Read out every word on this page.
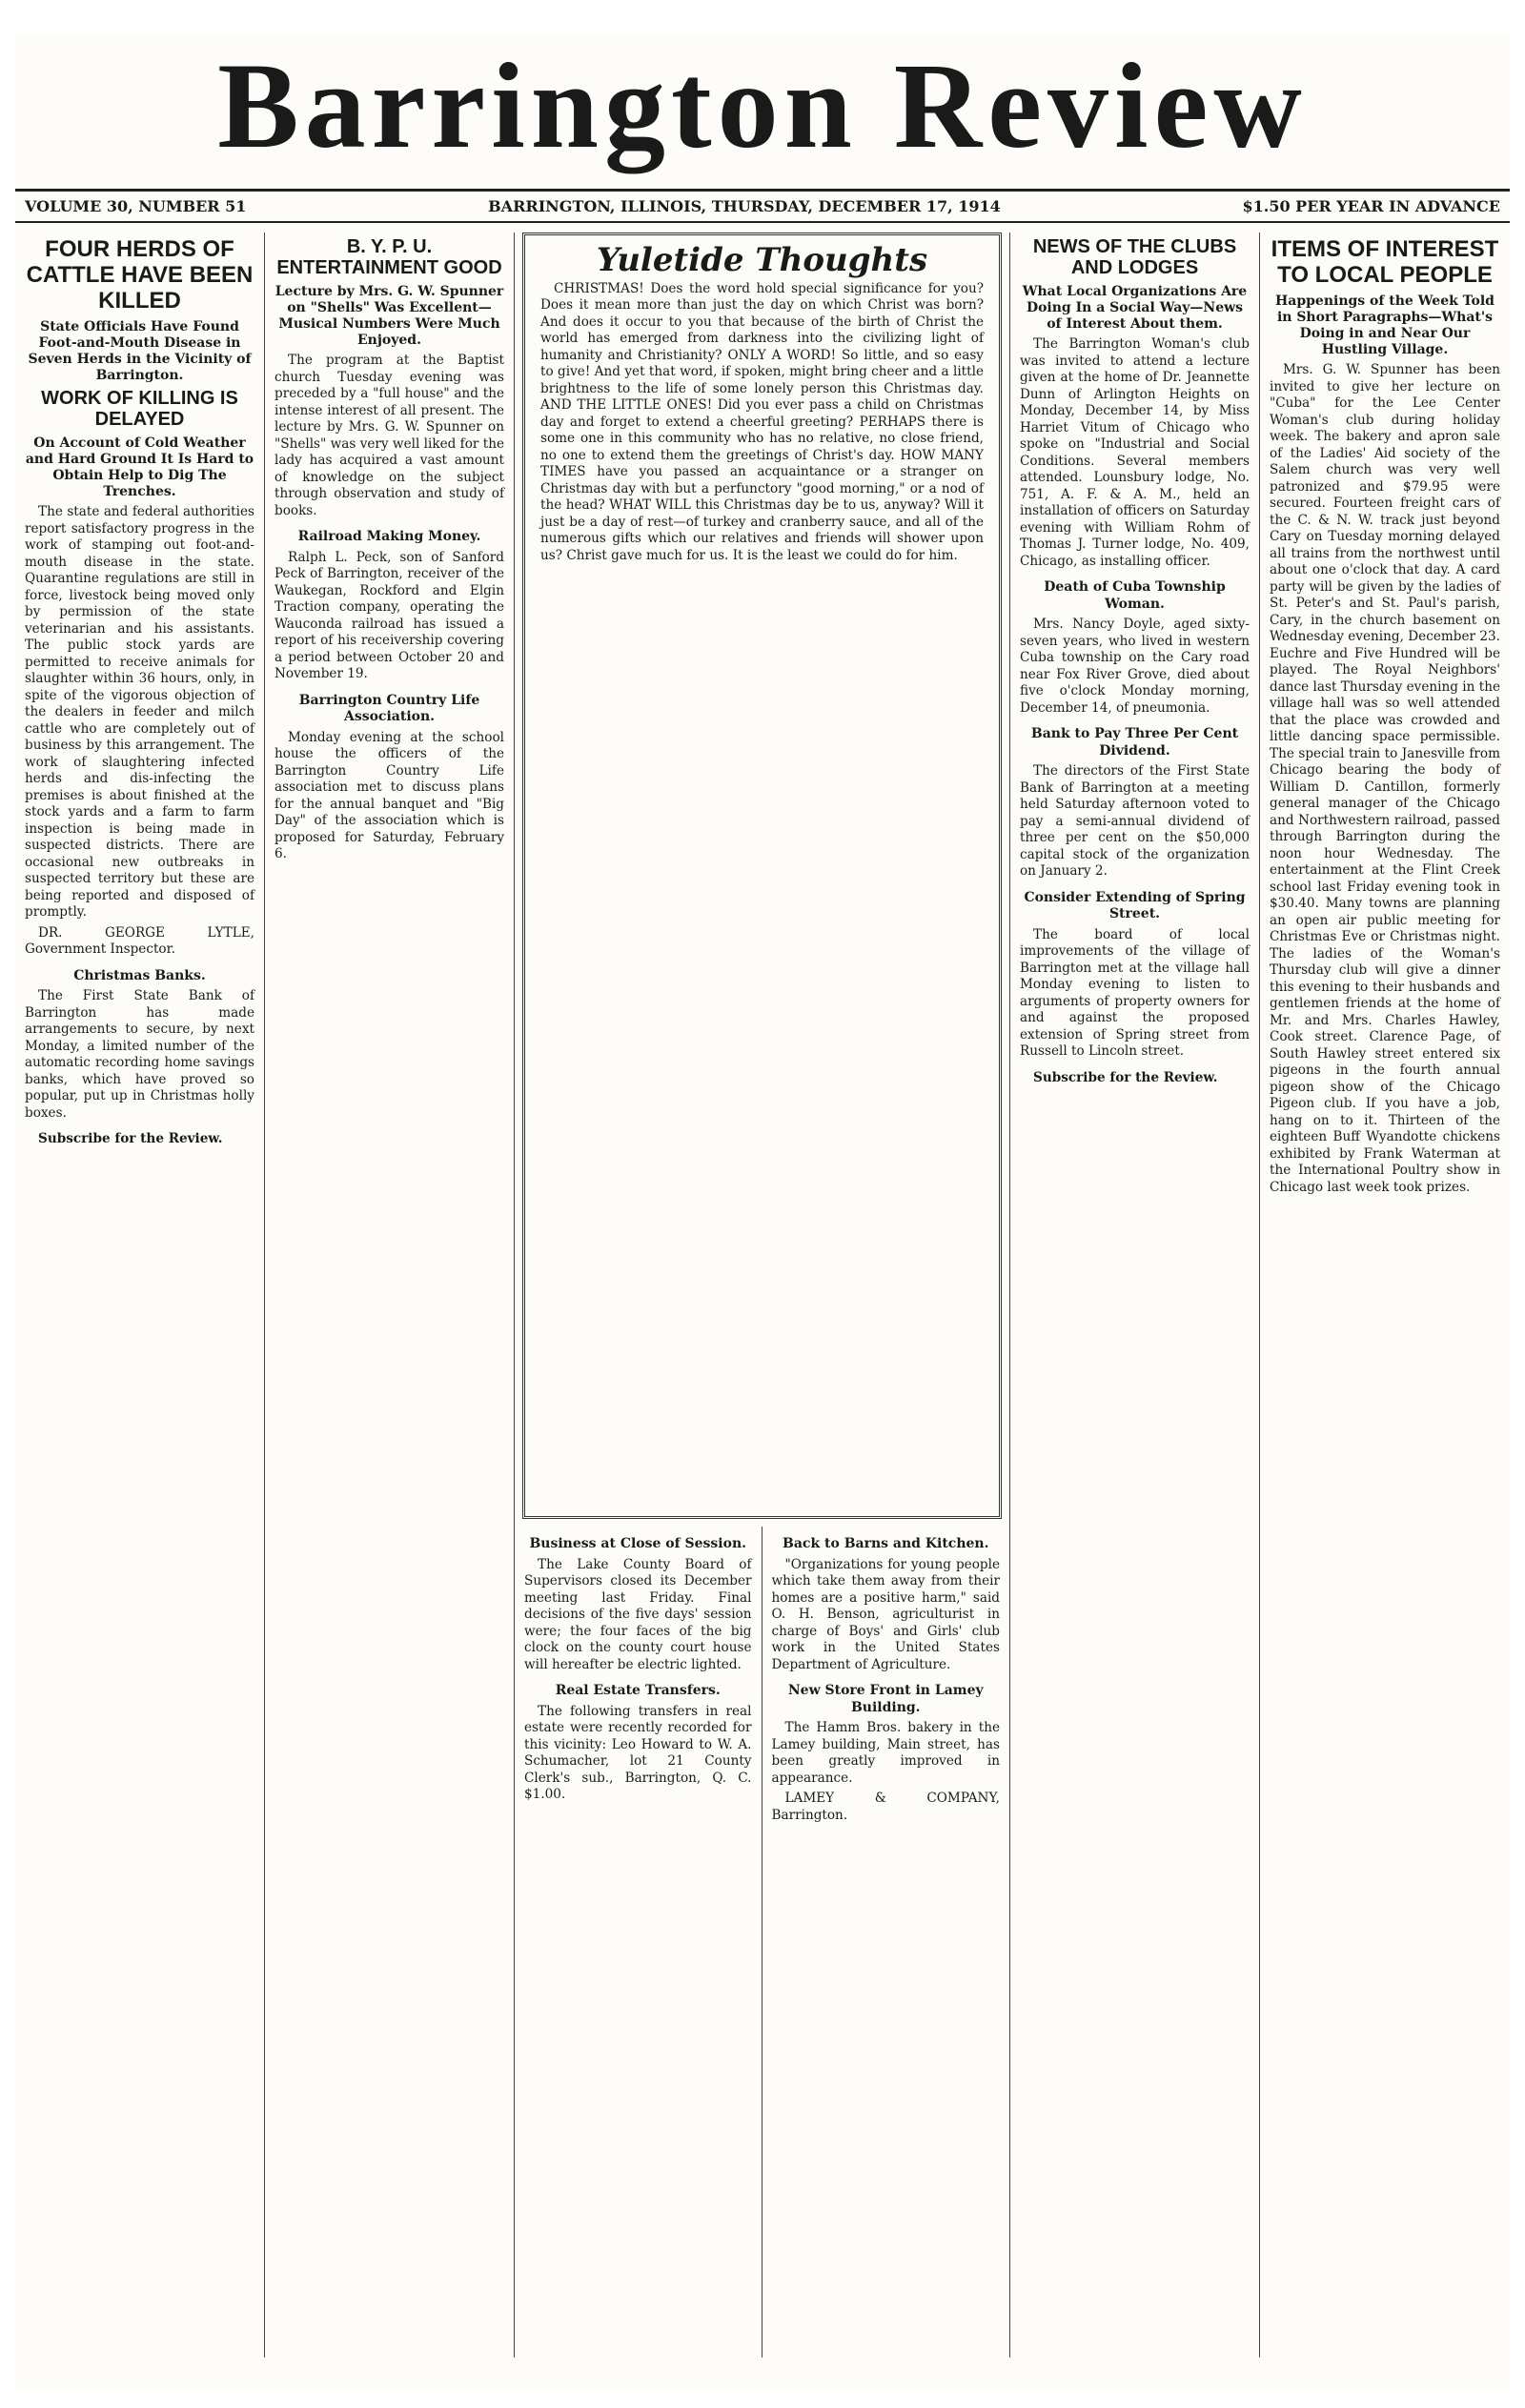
Barrington Review
VOLUME 30, NUMBER 51	BARRINGTON, ILLINOIS, THURSDAY, DECEMBER 17, 1914	$1.50 PER YEAR IN ADVANCE
FOUR HERDS OF CATTLE HAVE BEEN KILLED
State Officials Have Found Foot-and-Mouth Disease in Seven Herds in the Vicinity of Barrington.
WORK OF KILLING IS DELAYED
On Account of Cold Weather and Hard Ground It Is Hard to Obtain Help to Dig The Trenches.

The state and federal authorities report satisfactory progress in the work of stamping out foot-and-mouth disease in the state. Quarantine regulations are still in force, livestock being moved only by permission of the state veterinarian and his assistants. The public stock yards are permitted to receive animals for slaughter within 36 hours, only, in spite of the vigorous objection of the dealers in feeder and milch cattle who are completely out of business by this arrangement. The work of slaughtering infected herds and dis-infecting the premises is about finished at the stock yards and a farm to farm inspection is being made in suspected districts. There are occasional new outbreaks in suspected territory but these are being reported and disposed of promptly.

DR. GEORGE LYTLE, Government Inspector.

Christmas Banks.

The First State Bank of Barrington has made arrangements to secure, by next Monday, a limited number of the automatic recording home savings banks, which have proved so popular, put up in Christmas holly boxes.

Subscribe for the Review.

B. Y. P. U. ENTERTAINMENT GOOD
Lecture by Mrs. G. W. Spunner on "Shells" Was Excellent—Musical Numbers Were Much Enjoyed.

The program at the Baptist church Tuesday evening was preceded by a "full house" and the intense interest of all present. The lecture by Mrs. G. W. Spunner on "Shells" was very well liked for the lady has acquired a vast amount of knowledge on the subject through observation and study of books.

Railroad Making Money.

Ralph L. Peck, son of Sanford Peck of Barrington, receiver of the Waukegan, Rockford and Elgin Traction company, operating the Wauconda railroad has issued a report of his receivership covering a period between October 20 and November 19.

Barrington Country Life Association.

Monday evening at the school house the officers of the Barrington Country Life association met to discuss plans for the annual banquet and "Big Day" of the association which is proposed for Saturday, February 6.

Yuletide Thoughts

CHRISTMAS! Does the word hold special significance for you? Does it mean more than just the day on which Christ was born? And does it occur to you that because of the birth of Christ the world has emerged from darkness into the civilizing light of humanity and Christianity? ONLY A WORD! So little, and so easy to give! And yet that word, if spoken, might bring cheer and a little brightness to the life of some lonely person this Christmas day. AND THE LITTLE ONES! Did you ever pass a child on Christmas day and forget to extend a cheerful greeting? PERHAPS there is some one in this community who has no relative, no close friend, no one to extend them the greetings of Christ's day. HOW MANY TIMES have you passed an acquaintance or a stranger on Christmas day with but a perfunctory "good morning," or a nod of the head? WHAT WILL this Christmas day be to us, anyway? Will it just be a day of rest—of turkey and cranberry sauce, and all of the numerous gifts which our relatives and friends will shower upon us? Christ gave much for us. It is the least we could do for him.

Business at Close of Session.

The Lake County Board of Supervisors closed its December meeting last Friday. Final decisions of the five days' session were; the four faces of the big clock on the county court house will hereafter be electric lighted.

Real Estate Transfers.

The following transfers in real estate were recently recorded for this vicinity: Leo Howard to W. A. Schumacher, lot 21 County Clerk's sub., Barrington, Q. C. $1.00.

Back to Barns and Kitchen.

"Organizations for young people which take them away from their homes are a positive harm," said O. H. Benson, agriculturist in charge of Boys' and Girls' club work in the United States Department of Agriculture.

New Store Front in Lamey Building.

The Hamm Bros. bakery in the Lamey building, Main street, has been greatly improved in appearance.

LAMEY & COMPANY, Barrington.

NEWS OF THE CLUBS AND LODGES
What Local Organizations Are Doing In a Social Way—News of Interest About them.

The Barrington Woman's club was invited to attend a lecture given at the home of Dr. Jeannette Dunn of Arlington Heights on Monday, December 14, by Miss Harriet Vitum of Chicago who spoke on "Industrial and Social Conditions. Several members attended. Lounsbury lodge, No. 751, A. F. & A. M., held an installation of officers on Saturday evening with William Rohm of Thomas J. Turner lodge, No. 409, Chicago, as installing officer.

Death of Cuba Township Woman.

Mrs. Nancy Doyle, aged sixty-seven years, who lived in western Cuba township on the Cary road near Fox River Grove, died about five o'clock Monday morning, December 14, of pneumonia.

Bank to Pay Three Per Cent Dividend.

The directors of the First State Bank of Barrington at a meeting held Saturday afternoon voted to pay a semi-annual dividend of three per cent on the $50,000 capital stock of the organization on January 2.

Consider Extending of Spring Street.

The board of local improvements of the village of Barrington met at the village hall Monday evening to listen to arguments of property owners for and against the proposed extension of Spring street from Russell to Lincoln street.

Subscribe for the Review.

ITEMS OF INTEREST TO LOCAL PEOPLE
Happenings of the Week Told in Short Paragraphs—What's Doing in and Near Our Hustling Village.

Mrs. G. W. Spunner has been invited to give her lecture on "Cuba" for the Lee Center Woman's club during holiday week. The bakery and apron sale of the Ladies' Aid society of the Salem church was very well patronized and $79.95 were secured. Fourteen freight cars of the C. & N. W. track just beyond Cary on Tuesday morning delayed all trains from the northwest until about one o'clock that day. A card party will be given by the ladies of St. Peter's and St. Paul's parish, Cary, in the church basement on Wednesday evening, December 23. Euchre and Five Hundred will be played. The Royal Neighbors' dance last Thursday evening in the village hall was so well attended that the place was crowded and little dancing space permissible. The special train to Janesville from Chicago bearing the body of William D. Cantillon, formerly general manager of the Chicago and Northwestern railroad, passed through Barrington during the noon hour Wednesday. The entertainment at the Flint Creek school last Friday evening took in $30.40. Many towns are planning an open air public meeting for Christmas Eve or Christmas night. The ladies of the Woman's Thursday club will give a dinner this evening to their husbands and gentlemen friends at the home of Mr. and Mrs. Charles Hawley, Cook street. Clarence Page, of South Hawley street entered six pigeons in the fourth annual pigeon show of the Chicago Pigeon club. If you have a job, hang on to it. Thirteen of the eighteen Buff Wyandotte chickens exhibited by Frank Waterman at the International Poultry show in Chicago last week took prizes.
